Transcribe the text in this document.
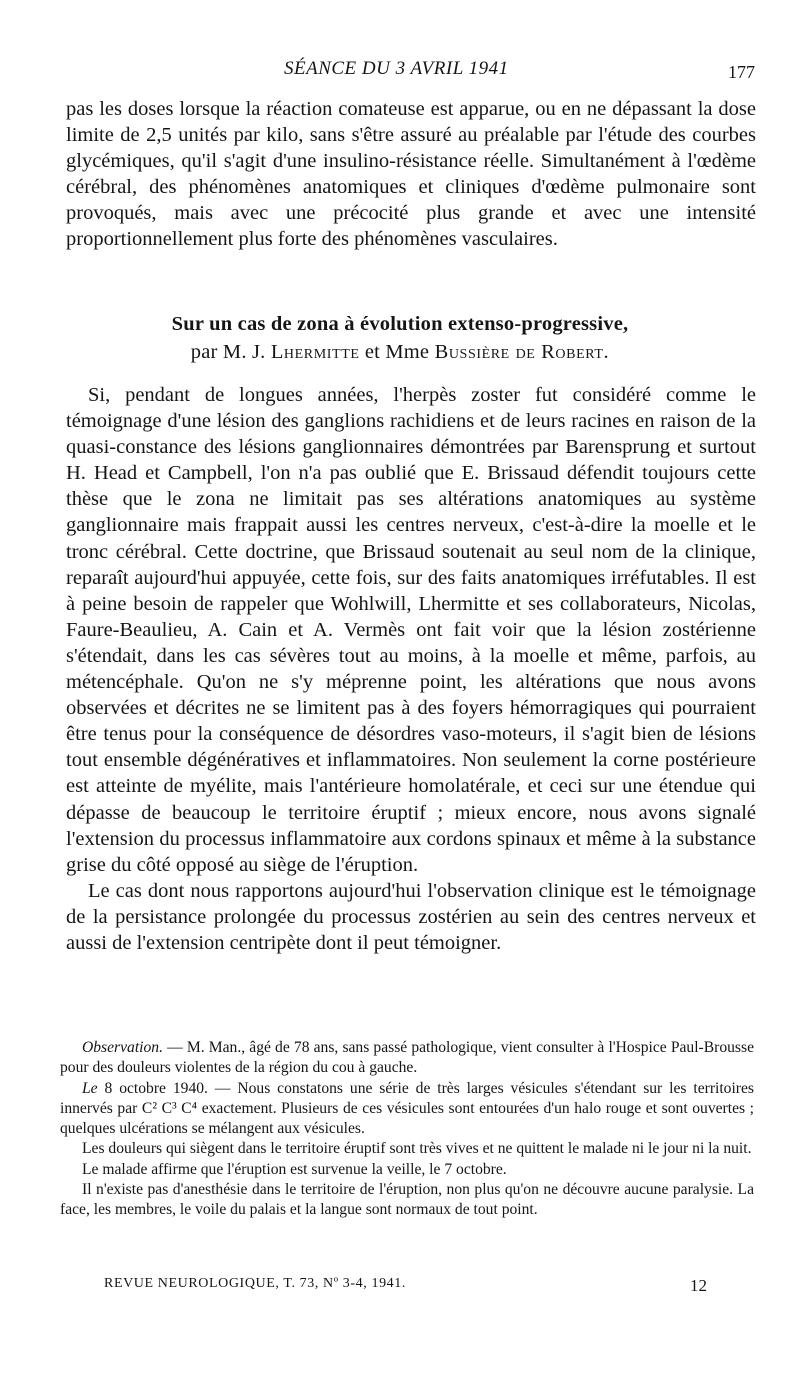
SÉANCE DU 3 AVRIL 1941	177

pas les doses lorsque la réaction comateuse est apparue, ou en ne dépassant la dose limite de 2,5 unités par kilo, sans s'être assuré au préalable par l'étude des courbes glycémiques, qu'il s'agit d'une insulino-résistance réelle. Simultanément à l'œdème cérébral, des phénomènes anatomiques et cliniques d'œdème pulmonaire sont provoqués, mais avec une précocité plus grande et avec une intensité proportionnellement plus forte des phénomènes vasculaires.

Sur un cas de zona à évolution extenso-progressive,
par M. J. Lhermitte et Mme Bussière de Robert.

Si, pendant de longues années, l'herpès zoster fut considéré comme le témoignage d'une lésion des ganglions rachidiens et de leurs racines en raison de la quasi-constance des lésions ganglionnaires démontrées par Barensprung et surtout H. Head et Campbell, l'on n'a pas oublié que E. Brissaud défendit toujours cette thèse que le zona ne limitait pas ses altérations anatomiques au système ganglionnaire mais frappait aussi les centres nerveux, c'est-à-dire la moelle et le tronc cérébral. Cette doctrine, que Brissaud soutenait au seul nom de la clinique, reparaît aujourd'hui appuyée, cette fois, sur des faits anatomiques irréfutables. Il est à peine besoin de rappeler que Wohlwill, Lhermitte et ses collaborateurs, Nicolas, Faure-Beaulieu, A. Cain et A. Vermès ont fait voir que la lésion zostérienne s'étendait, dans les cas sévères tout au moins, à la moelle et même, parfois, au métencéphale. Qu'on ne s'y méprenne point, les altérations que nous avons observées et décrites ne se limitent pas à des foyers hémorragiques qui pourraient être tenus pour la conséquence de désordres vaso-moteurs, il s'agit bien de lésions tout ensemble dégénératives et inflammatoires. Non seulement la corne postérieure est atteinte de myélite, mais l'antérieure homolatérale, et ceci sur une étendue qui dépasse de beaucoup le territoire éruptif ; mieux encore, nous avons signalé l'extension du processus inflammatoire aux cordons spinaux et même à la substance grise du côté opposé au siège de l'éruption.

Le cas dont nous rapportons aujourd'hui l'observation clinique est le témoignage de la persistance prolongée du processus zostérien au sein des centres nerveux et aussi de l'extension centripète dont il peut témoigner.

Observation. — M. Man., âgé de 78 ans, sans passé pathologique, vient consulter à l'Hospice Paul-Brousse pour des douleurs violentes de la région du cou à gauche.

Le 8 octobre 1940. — Nous constatons une série de très larges vésicules s'étendant sur les territoires innervés par C² C³ C⁴ exactement. Plusieurs de ces vésicules sont entourées d'un halo rouge et sont ouvertes ; quelques ulcérations se mélangent aux vésicules.

Les douleurs qui siègent dans le territoire éruptif sont très vives et ne quittent le malade ni le jour ni la nuit.

Le malade affirme que l'éruption est survenue la veille, le 7 octobre.

Il n'existe pas d'anesthésie dans le territoire de l'éruption, non plus qu'on ne découvre aucune paralysie. La face, les membres, le voile du palais et la langue sont normaux de tout point.

REVUE NEUROLOGIQUE, T. 73, Nº 3-4, 1941.	12
